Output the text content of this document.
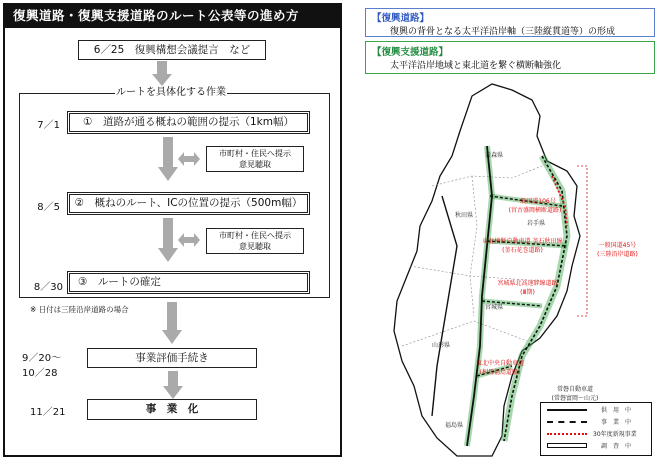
復興道路・復興支援道路のルート公表等の進め方
6／25　復興構想会議提言　など
ルートを具体化する作業
7／1	①　道路が通る概ねの範囲の提示（1km幅）
市町村・住民へ提示
意見聴取
8／5	②　概ねのルート、ICの位置の提示（500m幅）
市町村・住民へ提示
意見聴取
8／30	③　ルートの確定
※ 日付は三陸沿岸道路の場合
9／20～
10／28
事業評価手続き
11／21	事　業　化
【復興道路】
復興の背骨となる太平洋沿岸軸（三陸縦貫道等）の形成
【復興支援道路】
太平洋沿岸地域と東北道を繋ぐ横断軸強化
青森県
秋田県
岩手県
宮城県
山形県
福島県
一般国道106号
(宮古盛岡横断道路)
東北横断自動車道 釜石秋田線
(釜石花巻道路)
宮城県北高速幹線道路
(Ⅲ期)
東北中央自動車道
(相馬福島道路)
一般国道45号
(三陸沿岸道路)
常磐自動車道
(常磐富岡～山元)
供　用　中
事　業　中
30年度新規事業
調　査　中
